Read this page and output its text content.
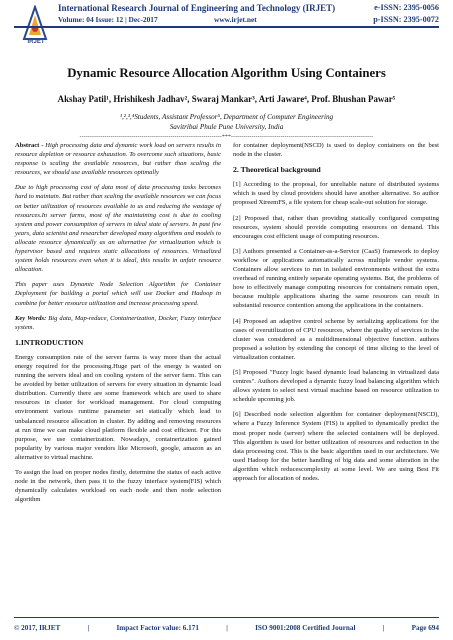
IRJET
International Research Journal of Engineering and Technology (IRJET)	e-ISSN: 2395-0056
Volume: 04 Issue: 12 | Dec-2017	www.irjet.net	p-ISSN: 2395-0072
Dynamic Resource Allocation Algorithm Using Containers
Akshay Patil¹, Hrishikesh Jadhav², Swaraj Mankar³, Arti Jaware⁴, Prof. Bhushan Pawar⁵
¹,²,³,⁴Students, Assistant Professor⁵, Department of Computer Engineering
Savitribai Phule Pune University, India
---------------------------------------------------------------------***---------------------------------------------------------------------

Abstract - High processing data and dynamic work load on servers results in resource depletion or resource exhaustion. To overcome such situations, basic response is scaling the available resources, but rather than scaling the resources, we should use available resources optimally

Due to high processing cost of data most of data processing tasks becomes hard to maintain. But rather than scaling the available resources we can focus on better utilization of resources available to us and reducing the wastage of resources.In server farms, most of the maintaining cost is due to cooling system and power consumption of servers in ideal state of servers. In past few years, data scientist and researcher developed many algorithms and models to allocate resource dynamically as an alternative for virtualization which is hypervisor based and requires static allocations of resources. Virtualized system holds resources even when it is ideal, this results in unfair resource allocation.

This paper uses Dynamic Node Selection Algorithm for Container Deployment for building a portal which will use Docker and Hadoop in combine for better resource utilization and increase processing speed.

Key Words: Big data, Map-reduce, Containerization, Docker, Fuzzy interface system.

1.INTRODUCTION

Energy consumption rate of the server farms is way more than the actual energy required for the processing.Huge part of the energy is wasted on running the servers ideal and on cooling system of the server farm. This can be avoided by better utilization of servers for every situation in dynamic load distribution. Currently there are some framework which are used to share resources in cluster for workload management. For cloud computing environment various runtime parameter set statically which lead to unbalanced resource allocation in cluster. By adding and removing resources at run time we can make cloud platform flexible and cost efficient. For this purpose, we use containerization. Nowadays, containerization gained popularity by various major vendors like Microsoft, google, amazon as an alternative to virtual machine.

To assign the load on proper nodes firstly, determine the status of each active node in the network, then pass it to the fuzzy interface system(FIS) which dynamically calculates workload on each node and then node selection algorithm

for container deployment(NSCD) is used to deploy containers on the best node in the cluster.

2. Theoretical background

[1] According to the proposal, for unreliable nature of distributed systems which is used by cloud providers should have another alternative. So author proposed XtreemFS, a file system for cheap scale-out solution for storage.

[2] Proposed that, rather than providing statically configured computing resources, system should provide computing resources on demand. This encourages cost efficient usage of computing resources.

[3] Authors presented a Container-as-a-Service (CaaS) framework to deploy workflow or applications automatically across multiple vendor systems. Containers allow services to run in isolated environments without the extra overhead of running entirely separate operating systems. But, the problems of how to effectively manage computing resources for containers remain open, because multiple applications sharing the same resources can result in substantial resource contention among the applications in the containers.

[4] Proposed an adaptive control scheme by serializing applications for the cases of overutilization of CPU resources, where the quality of services in the cluster was considered as a multidimensional objective function. authors proposed a solution by extending the concept of time slicing to the level of virtualization container.

[5] Proposed "Fuzzy logic based dynamic load balancing in virtualized data centres". Authors developed a dynamic fuzzy load balancing algorithm which allows system to select next virtual machine based on resource utilization to schedule upcoming job.

[6] Described node selection algorithm for container deployment(NSCD), where a Fuzzy Inference System (FIS) is applied to dynamically predict the most proper node (server) where the selected containers will be deployed. This algorithm is used for better utilization of resources and reduction in the data processing cost. This is the basic algorithm used in our architecture. We used Hadoop for the better handling of big data and some alteration in the algorithm which reducescomplexity at some level. We are using Best Fit approach for allocation of nodes.

© 2017, IRJET	|	Impact Factor value: 6.171	|	ISO 9001:2008 Certified Journal	|	Page 694
